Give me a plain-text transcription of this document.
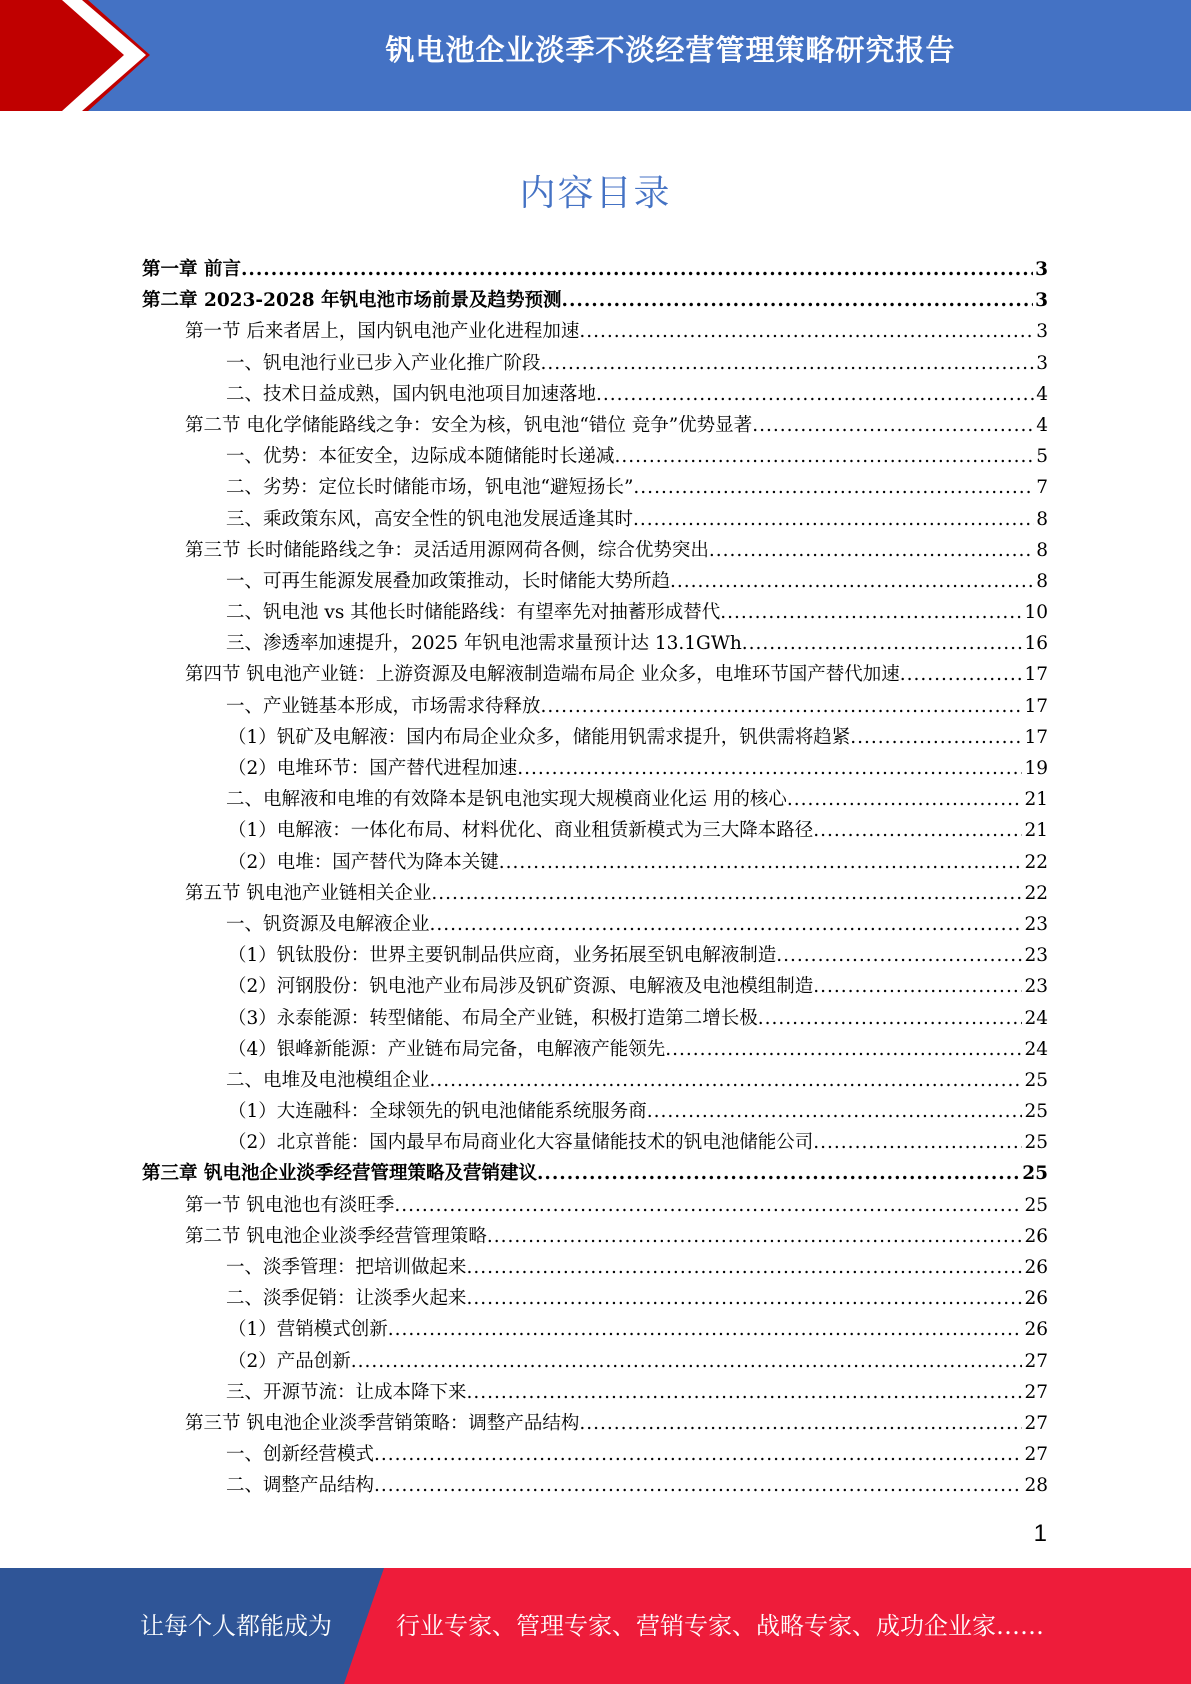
钒电池企业淡季不淡经营管理策略研究报告
内容目录
第一章 前言 .....	3
第二章 2023-2028 年钒电池市场前景及趋势预测 .....	3
第一节 后来者居上，国内钒电池产业化进程加速 .....	3
一、钒电池行业已步入产业化推广阶段 .....	3
二、技术日益成熟，国内钒电池项目加速落地 .....	4
第二节 电化学储能路线之争：安全为核，钒电池“错位 竞争”优势显著 .....	4
一、优势：本征安全，边际成本随储能时长递减 .....	5
二、劣势：定位长时储能市场，钒电池“避短扬长” .....	7
三、乘政策东风，高安全性的钒电池发展适逢其时 .....	8
第三节 长时储能路线之争：灵活适用源网荷各侧，综合优势突出 .....	8
一、可再生能源发展叠加政策推动，长时储能大势所趋 .....	8
二、钒电池 vs 其他长时储能路线：有望率先对抽蓄形成替代 .....	10
三、渗透率加速提升，2025 年钒电池需求量预计达 13.1GWh .....	16
第四节 钒电池产业链：上游资源及电解液制造端布局企 业众多，电堆环节国产替代加速 .....	17
一、产业链基本形成，市场需求待释放 .....	17
（1）钒矿及电解液：国内布局企业众多，储能用钒需求提升，钒供需将趋紧 .....	17
（2）电堆环节：国产替代进程加速 .....	19
二、电解液和电堆的有效降本是钒电池实现大规模商业化运 用的核心 .....	21
（1）电解液：一体化布局、材料优化、商业租赁新模式为三大降本路径 .....	21
（2）电堆：国产替代为降本关键 .....	22
第五节 钒电池产业链相关企业 .....	22
一、钒资源及电解液企业 .....	23
（1）钒钛股份：世界主要钒制品供应商，业务拓展至钒电解液制造 .....	23
（2）河钢股份：钒电池产业布局涉及钒矿资源、电解液及电池模组制造 .....	23
（3）永泰能源：转型储能、布局全产业链，积极打造第二增长极 .....	24
（4）银峰新能源：产业链布局完备，电解液产能领先 .....	24
二、电堆及电池模组企业 .....	25
（1）大连融科：全球领先的钒电池储能系统服务商 .....	25
（2）北京普能：国内最早布局商业化大容量储能技术的钒电池储能公司 .....	25
第三章 钒电池企业淡季经营管理策略及营销建议 .....	25
第一节 钒电池也有淡旺季 .....	25
第二节 钒电池企业淡季经营管理策略 .....	26
一、淡季管理：把培训做起来 .....	26
二、淡季促销：让淡季火起来 .....	26
（1）营销模式创新 .....	26
（2）产品创新 .....	27
三、开源节流：让成本降下来 .....	27
第三节 钒电池企业淡季营销策略：调整产品结构 .....	27
一、创新经营模式 .....	27
二、调整产品结构 .....	28
1
让每个人都能成为	行业专家、管理专家、营销专家、战略专家、成功企业家……
